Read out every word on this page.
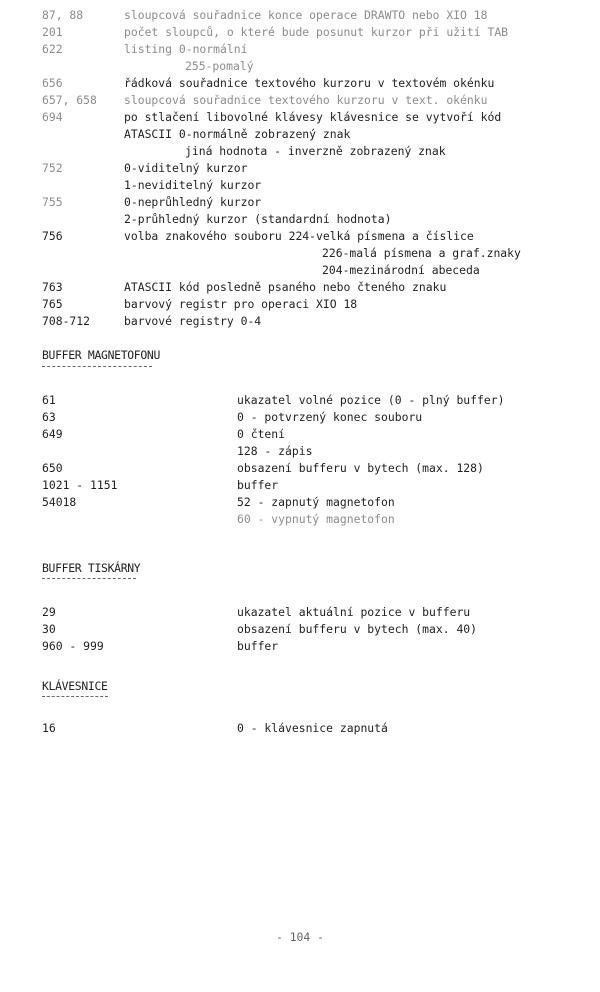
87, 88	sloupcová souřadnice konce operace DRAWTO nebo XIO 18
201	počet sloupců, o které bude posunut kurzor při užití TAB
622	listing 0-normální
255-pomalý
656	řádková souřadnice textového kurzoru v textovém okénku
657, 658 sloupcová souřadnice textového kurzoru v text. okénku
694	po stlačení libovolné klávesy klávesnice se vytvoří kód
ATASCII 0-normálně zobrazený znak
jiná hodnota - inverzně zobrazený znak
752	0-viditelný kurzor
1-neviditelný kurzor
755	0-neprůhledný kurzor
2-průhledný kurzor (standardní hodnota)
756	volba znakového souboru 224-velká písmena a číslice
226-malá písmena a graf.znaky
204-mezinárodní abeceda
763	ATASCII kód posledně psaného nebo čteného znaku
765	barvový registr pro operaci XIO 18
708-712	barvové registry 0-4
BUFFER MAGNETOFONU
61	ukazatel volné pozice (0 - plný buffer)
63	0 - potvrzený konec souboru
649	0 čtení
128 - zápis
650	obsazení bufferu v bytech (max. 128)
1021 - 1151	buffer
54018	52 - zapnutý magnetofon
60 - vypnutý magnetofon
BUFFER TISKÁRNY
29	ukazatel aktuální pozice v bufferu
30	obsazení bufferu v bytech (max. 40)
960 - 999	buffer
KLÁVESNICE
16	0 - klávesnice zapnutá
- 104 -
